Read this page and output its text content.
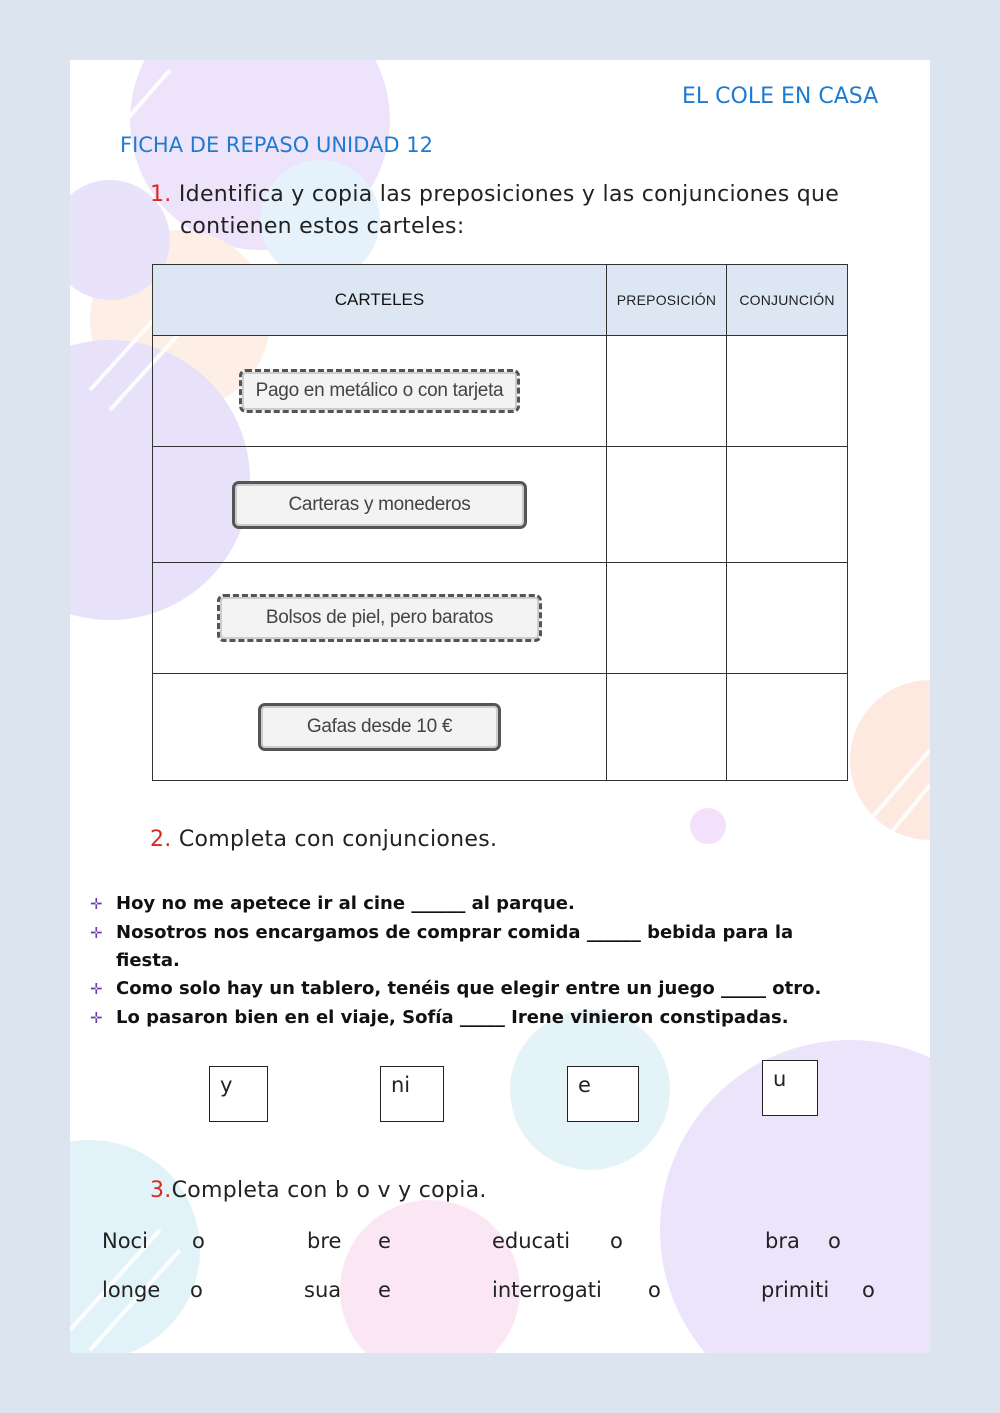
EL COLE EN CASA
FICHA DE REPASO UNIDAD 12
1. Identifica y copia las preposiciones y las conjunciones que
contienen estos carteles:
CARTELES	PREPOSICIÓN	CONJUNCIÓN
Pago en metálico o con tarjeta		
Carteras y monederos		
Bolsos de piel, pero baratos		
Gafas desde 10 €		
2. Completa con conjunciones.
✛ Hoy no me apetece ir al cine ______ al parque.
✛ Nosotros nos encargamos de comprar comida ______ bebida para la
fiesta.
✛ Como solo hay un tablero, tenéis que elegir entre un juego _____ otro.
✛ Lo pasaron bien en el viaje, Sofía _____ Irene vinieron constipadas.
y	ni	e	u
3.Completa con b o v y copia.
Noci o	bre e	educati o	bra o
longe o	sua e	interrogati o	primiti o
